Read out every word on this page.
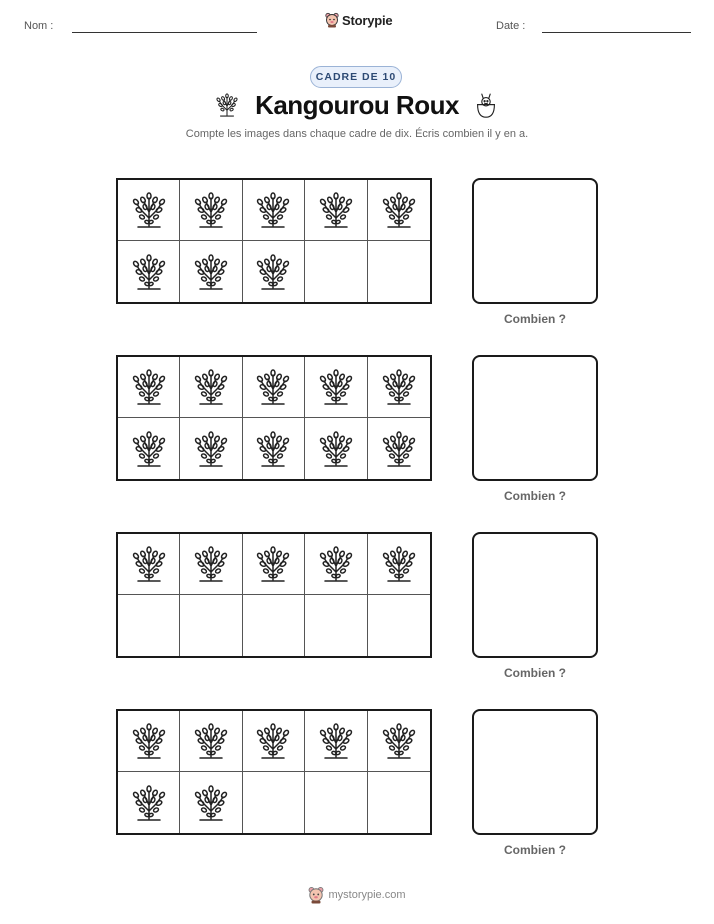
Nom :	Storypie	Date :
CADRE DE 10
Kangourou Roux
Compte les images dans chaque cadre de dix. Écris combien il y en a.
Combien ?
Combien ?
Combien ?
Combien ?
mystorypie.com
